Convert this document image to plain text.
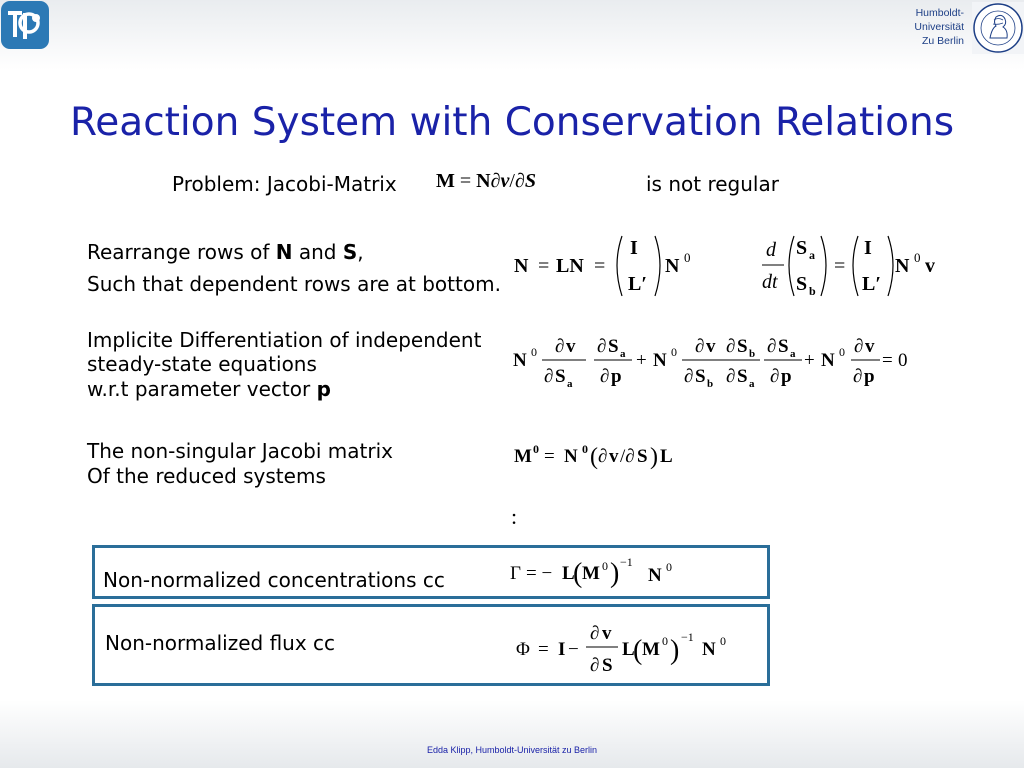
Humboldt-
Universität
Zu Berlin
Reaction System with Conservation Relations
Problem: Jacobi-Matrix M = N∂v/∂S	is not regular
Rearrange rows of N and S,
Such that dependent rows are at bottom.
N = LN =
I
L′
N 0	d
dt
S a
S b
=
I
L′
N 0 v
Implicite Differentiation of independent
steady-state equations
w.r.t parameter vector p
N 0 ∂ v
∂ S a
∂ S a
∂ p
+ N 0 ∂ v
∂ S b
∂ S b
∂ S a
∂ S a
∂ p
+ N 0 ∂ v
∂ p
= 0
The non-singular Jacobi matrix
Of the reduced systems
M 0 = N 0 ( ∂ v /∂ S ) L
:
Non-normalized concentrations cc	Γ = − L
( M 0 ) −1
N 0
Non-normalized flux cc	Φ = I −
∂ v
∂ S
L
( M 0 ) −1
N 0
Edda Klipp, Humboldt-Universität zu Berlin
